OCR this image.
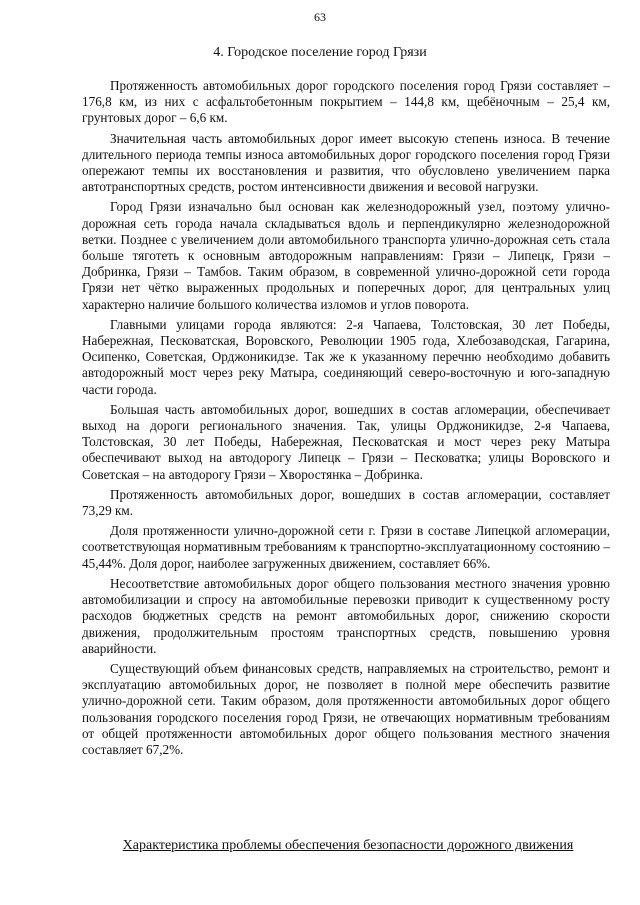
63
4. Городское поселение город Грязи

Протяженность автомобильных дорог городского поселения город Грязи составляет – 176,8 км, из них с асфальтобетонным покрытием – 144,8 км, щебёночным – 25,4 км, грунтовых дорог – 6,6 км.

Значительная часть автомобильных дорог имеет высокую степень износа. В течение длительного периода темпы износа автомобильных дорог городского поселения город Грязи опережают темпы их восстановления и развития, что обусловлено увеличением парка автотранспортных средств, ростом интенсивности движения и весовой нагрузки.

Город Грязи изначально был основан как железнодорожный узел, поэтому улично-дорожная сеть города начала складываться вдоль и перпендикулярно железнодорожной ветки. Позднее с увеличением доли автомобильного транспорта улично-дорожная сеть стала больше тяготеть к основным автодорожным направлениям: Грязи – Липецк, Грязи – Добринка, Грязи – Тамбов. Таким образом, в современной улично-дорожной сети города Грязи нет чётко выраженных продольных и поперечных дорог, для центральных улиц характерно наличие большого количества изломов и углов поворота.

Главными улицами города являются: 2-я Чапаева, Толстовская, 30 лет Победы, Набережная, Песковатская, Воровского, Революции 1905 года, Хлебозаводская, Гагарина, Осипенко, Советская, Орджоникидзе. Так же к указанному перечню необходимо добавить автодорожный мост через реку Матыра, соединяющий северо-восточную и юго-западную части города.

Большая часть автомобильных дорог, вошедших в состав агломерации, обеспечивает выход на дороги регионального значения. Так, улицы Орджоникидзе, 2-я Чапаева, Толстовская, 30 лет Победы, Набережная, Песковатская и мост через реку Матыра обеспечивают выход на автодорогу Липецк – Грязи – Песковатка; улицы Воровского и Советская – на автодорогу Грязи – Хворостянка – Добринка.

Протяженность автомобильных дорог, вошедших в состав агломерации, составляет 73,29 км.

Доля протяженности улично-дорожной сети г. Грязи в составе Липецкой агломерации, соответствующая нормативным требованиям к транспортно-эксплуатационному состоянию – 45,44%. Доля дорог, наиболее загруженных движением, составляет 66%.

Несоответствие автомобильных дорог общего пользования местного значения уровню автомобилизации и спросу на автомобильные перевозки приводит к существенному росту расходов бюджетных средств на ремонт автомобильных дорог, снижению скорости движения, продолжительным простоям транспортных средств, повышению уровня аварийности.

Существующий объем финансовых средств, направляемых на строительство, ремонт и эксплуатацию автомобильных дорог, не позволяет в полной мере обеспечить развитие улично-дорожной сети. Таким образом, доля протяженности автомобильных дорог общего пользования городского поселения город Грязи, не отвечающих нормативным требованиям от общей протяженности автомобильных дорог общего пользования местного значения составляет 67,2%.

Характеристика проблемы обеспечения безопасности дорожного движения
